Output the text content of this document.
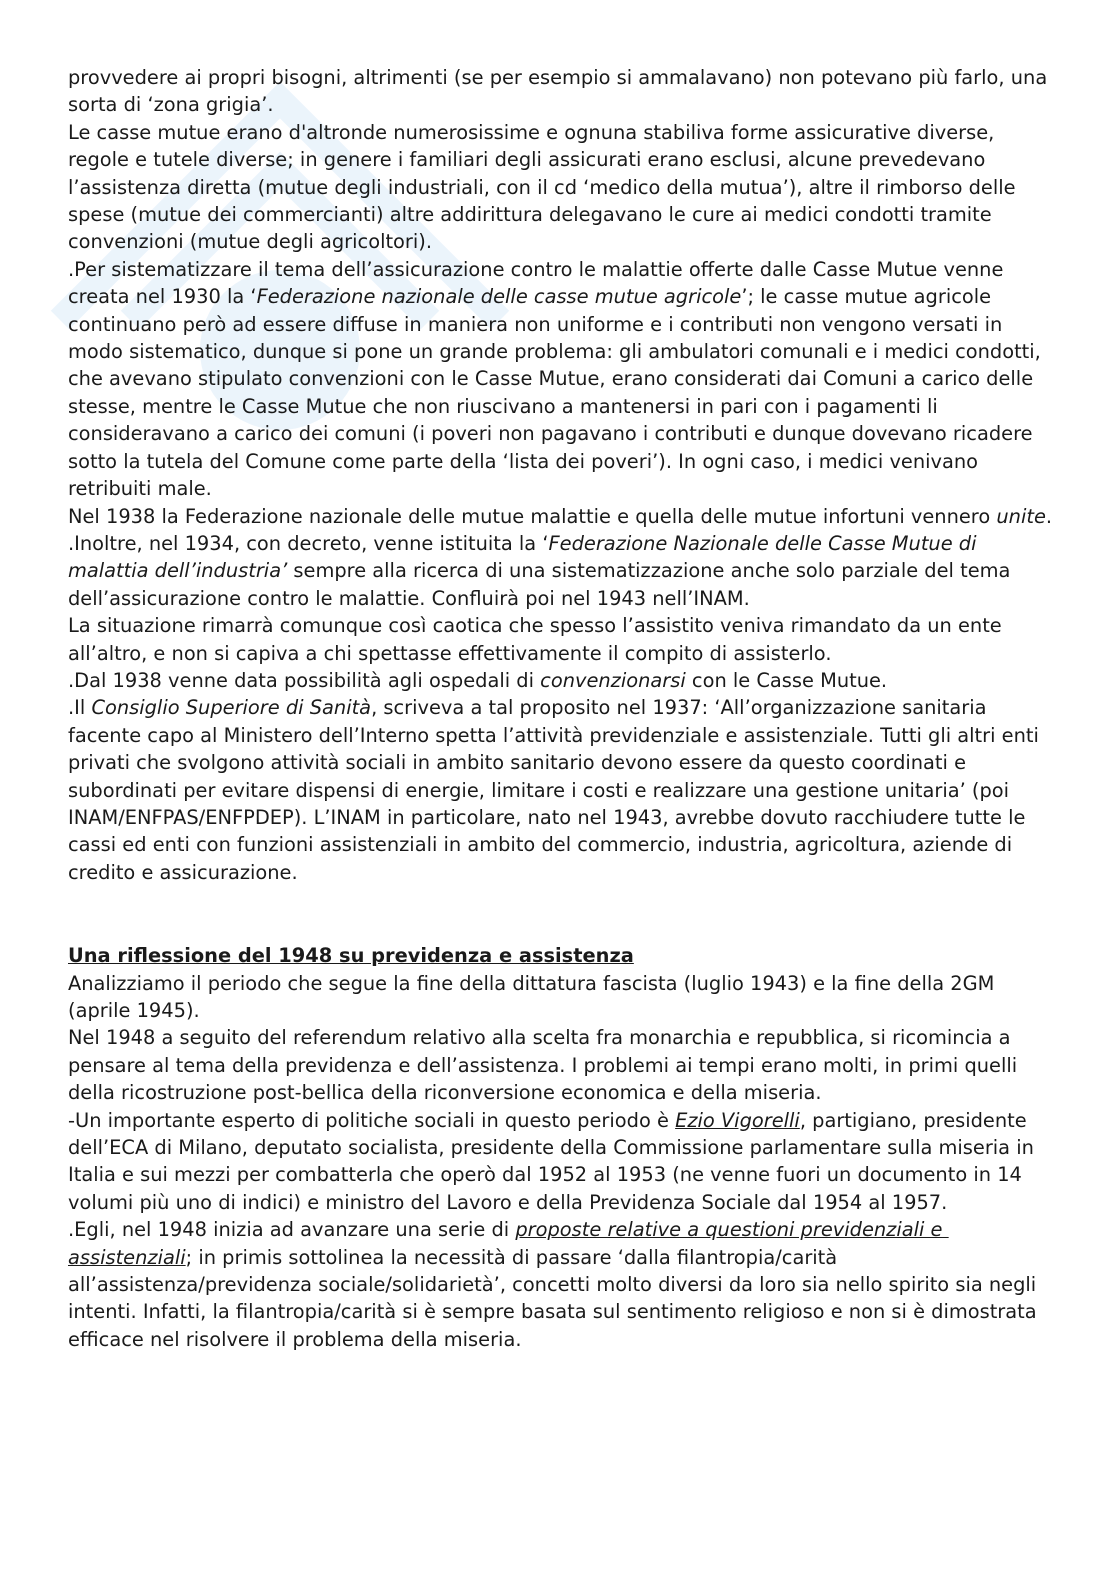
provvedere ai propri bisogni, altrimenti (se per esempio si ammalavano) non potevano più farlo, una sorta di ‘zona grigia’.

Le casse mutue erano d'altronde numerosissime e ognuna stabiliva forme assicurative diverse, regole e tutele diverse; in genere i familiari degli assicurati erano esclusi, alcune prevedevano l’assistenza diretta (mutue degli industriali, con il cd ‘medico della mutua’), altre il rimborso delle spese (mutue dei commercianti) altre addirittura delegavano le cure ai medici condotti tramite convenzioni (mutue degli agricoltori).

.Per sistematizzare il tema dell’assicurazione contro le malattie offerte dalle Casse Mutue venne creata nel 1930 la ‘Federazione nazionale delle casse mutue agricole’; le casse mutue agricole continuano però ad essere diffuse in maniera non uniforme e i contributi non vengono versati in modo sistematico, dunque si pone un grande problema: gli ambulatori comunali e i medici condotti, che avevano stipulato convenzioni con le Casse Mutue, erano considerati dai Comuni a carico delle stesse, mentre le Casse Mutue che non riuscivano a mantenersi in pari con i pagamenti li consideravano a carico dei comuni (i poveri non pagavano i contributi e dunque dovevano ricadere sotto la tutela del Comune come parte della ‘lista dei poveri’). In ogni caso, i medici venivano retribuiti male.

Nel 1938 la Federazione nazionale delle mutue malattie e quella delle mutue infortuni vennero unite.

.Inoltre, nel 1934, con decreto, venne istituita la ‘Federazione Nazionale delle Casse Mutue di malattia dell’industria’ sempre alla ricerca di una sistematizzazione anche solo parziale del tema dell’assicurazione contro le malattie. Confluirà poi nel 1943 nell’INAM.

La situazione rimarrà comunque così caotica che spesso l’assistito veniva rimandato da un ente all’altro, e non si capiva a chi spettasse effettivamente il compito di assisterlo.

.Dal 1938 venne data possibilità agli ospedali di convenzionarsi con le Casse Mutue.

.Il Consiglio Superiore di Sanità, scriveva a tal proposito nel 1937: ‘All’organizzazione sanitaria facente capo al Ministero dell’Interno spetta l’attività previdenziale e assistenziale. Tutti gli altri enti privati che svolgono attività sociali in ambito sanitario devono essere da questo coordinati e subordinati per evitare dispensi di energie, limitare i costi e realizzare una gestione unitaria’ (poi INAM/ENFPAS/ENFPDEP). L’INAM in particolare, nato nel 1943, avrebbe dovuto racchiudere tutte le cassi ed enti con funzioni assistenziali in ambito del commercio, industria, agricoltura, aziende di credito e assicurazione.

Una riflessione del 1948 su previdenza e assistenza

Analizziamo il periodo che segue la fine della dittatura fascista (luglio 1943) e la fine della 2GM (aprile 1945).

Nel 1948 a seguito del referendum relativo alla scelta fra monarchia e repubblica, si ricomincia a pensare al tema della previdenza e dell’assistenza. I problemi ai tempi erano molti, in primi quelli della ricostruzione post-bellica della riconversione economica e della miseria.

-Un importante esperto di politiche sociali in questo periodo è Ezio Vigorelli, partigiano, presidente dell’ECA di Milano, deputato socialista, presidente della Commissione parlamentare sulla miseria in Italia e sui mezzi per combatterla che operò dal 1952 al 1953 (ne venne fuori un documento in 14 volumi più uno di indici) e ministro del Lavoro e della Previdenza Sociale dal 1954 al 1957.

.Egli, nel 1948 inizia ad avanzare una serie di proposte relative a questioni previdenziali e assistenziali; in primis sottolinea la necessità di passare ‘dalla filantropia/carità all’assistenza/previdenza sociale/solidarietà’, concetti molto diversi da loro sia nello spirito sia negli intenti. Infatti, la filantropia/carità si è sempre basata sul sentimento religioso e non si è dimostrata efficace nel risolvere il problema della miseria.
